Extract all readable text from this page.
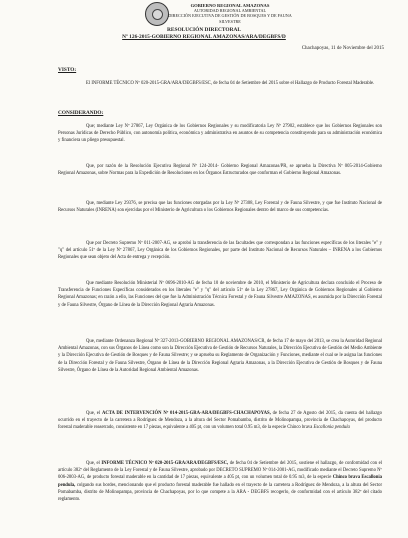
GOBIERNO REGIONAL AMAZONAS
AUTORIDAD REGIONAL AMBIENTAL
DIRECCIÓN EJECUTIVA DE GESTIÓN DE BOSQUES Y DE FAUNA SILVESTRE
RESOLUCIÓN DIRECTORAL
Nº 126-2015-GOBIERNO REGIONAL AMAZONAS/ARA/DEGBFS/D
Chachapoyas, 11 de Noviembre del 2015
VISTO:
El INFORME TÉCNICO Nº 020-2015-GRA/ARA/DEGBFS/ESC, de fecha 04 de Setiembre del 2015 sobre el Hallazgo de Producto Forestal Maderable.
CONSIDERANDO:
Que; mediante Ley Nº 27867, Ley Orgánica de los Gobiernos Regionales y su modificatoria Ley Nº 27902, establece que los Gobiernos Regionales son Personas Jurídicas de Derecho Público, con autonomía política, económica y administrativa en asuntos de su competencia constituyendo para su administración económica y financiera un pliego presupuestal.
Que, por razón de la Resolución Ejecutiva Regional Nº 124-2014- Gobierno Regional Amazonas/PR, se aprueba la Directiva Nº 005-2014-Gobierno Regional Amazonas, sobre Normas para la Expedición de Resoluciones en los Órganos Estructurados que conforman el Gobierno Regional Amazonas.
Que, mediante Ley 29376, se precisa que las funciones otorgadas por la Ley Nº 27308, Ley Forestal y de Fauna Silvestre, y que fue Instituto Nacional de Recursos Naturales (INRENA) son ejercidas por el Ministerio de Agricultura o los Gobiernos Regionales dentro del marco de sus competencias.
Que por Decreto Supremo Nº 011-2007-AG, se aprobó la transferencia de las facultades que correspondan a las funciones específicas de los literales "e" y "q" del artículo 51º de la Ley Nº 27867, Ley Orgánica de los Gobiernos Regionales, por parte del Instituto Nacional de Recursos Naturales – INRENA a los Gobiernos Regionales que sean objeto del Acta de entrega y recepción.
Que mediante Resolución Ministerial Nº 0696-2010-AG de fecha 10 de noviembre de 2010, el Ministerio de Agricultura declara concluido el Proceso de Transferencia de Funciones Específicas considerados en los literales "e" y "q" del artículo 51º de la Ley 27867, Ley Orgánica de Gobiernos Regionales al Gobierno Regional Amazonas; en razón a ello, las Funciones del que fue la Administración Técnica Forestal y de Fauna Silvestre AMAZONAS, es asumida por la Dirección Forestal y de Fauna Silvestre, Órgano de Línea de la Dirección Regional Agraria Amazonas.
Que, mediante Ordenanza Regional Nº 327-2013-GOBIERNO REGIONAL AMAZONAS/CR, de fecha 17 de mayo del 2013, se crea la Autoridad Regional Ambiental Amazonas, con sus Órganos de Línea como son la Dirección Ejecutiva de Gestión de Recursos Naturales, la Dirección Ejecutiva de Gestión del Medio Ambiente y la Dirección Ejecutiva de Gestión de Bosques y de Fauna Silvestre; y se aprueba su Reglamento de Organización y Funciones, mediante el cual se le asigna las funciones de la Dirección Forestal y de Fauna Silvestre, Órgano de Línea de la Dirección Regional Agraria Amazonas, a la Dirección Ejecutiva de Gestión de Bosques y de Fauna Silvestre, Órgano de Línea de la Autoridad Regional Ambiental Amazonas.
Que, el ACTA DE INTERVENCIÓN Nº 014-2015-GRA-ARA/DEGBFS-CHACHAPOYAS, de fecha 27 de Agosto del 2015, da cuenta del hallazgo ocurrido en el trayecto de la carretera a Rodríguez de Mendoza, a la altura del Sector Pomabamba, distrito de Molinopampa, provincia de Chachapoyas, del producto forestal maderable reaserrado, consistente en 17 piezas, equivalente a 405 pt, con un volumen total 0.95 m3, de la especie Chinco brava Escallonia pendula
Que, el INFORME TÉCNICO Nº 020-2015-GRA/ARA/DEGBFS/ESC, de fecha 04 de Setiembre del 2015, sostiene el hallazgo, de conformidad con el artículo 382º del Reglamento de la Ley Forestal y de Fauna Silvestre, aprobado por DECRETO SUPREMO Nº 014-2001-AG, modificado mediante el Decreto Supremo Nº 006-2003-AG, de producto forestal maderable en la cantidad de 17 piezas, equivalente a 405 pt, con un volumen total de 0.95 m3, de la especie Chinco brava Escallonia pendula, colgando sus bordes, mencionando que el producto forestal maderable fue hallado en el trayecto de la carretera a Rodríguez de Mendoza, a la altura del Sector Pomabamba, distrito de Molinopampa, provincia de Chachapoyas, por lo que compete a la ARA - DEGBFS recogerlo, de conformidad con el artículo 382º del citado reglamento.
